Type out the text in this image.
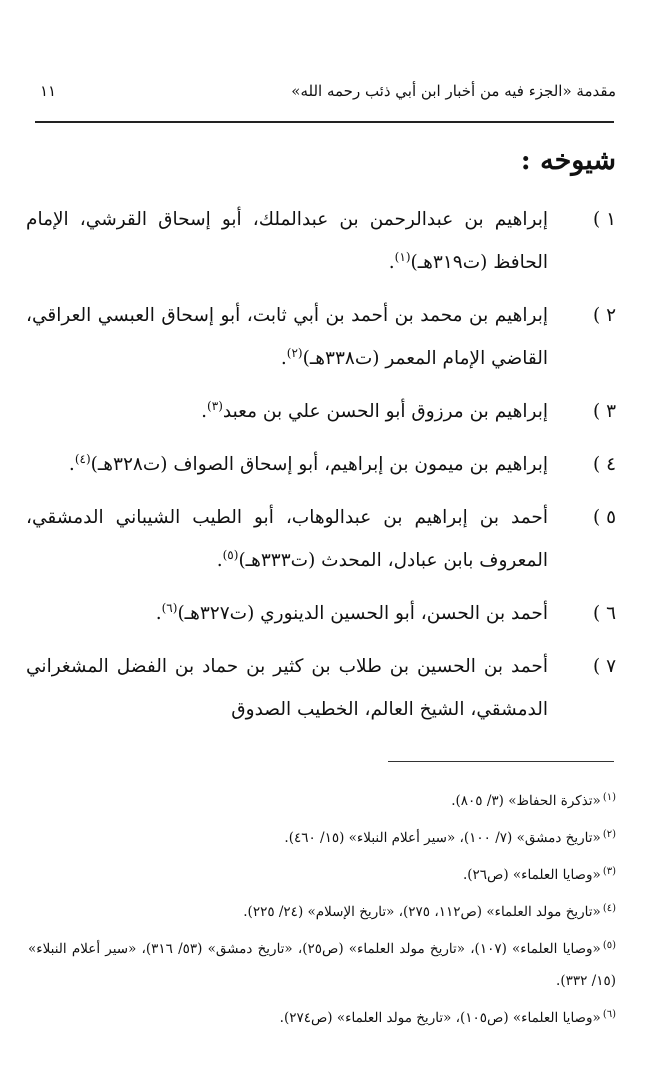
مقدمة «الجزء فيه من أخبار ابن أبي ذئب رحمه الله»
١١
شيوخه :
١ )
إبراهيم بن عبدالرحمن بن عبدالملك، أبو إسحاق القرشي، الإمام الحافظ (ت٣١٩هـ)$^{(١)}$.
٢ )
إبراهيم بن محمد بن أحمد بن أبي ثابت، أبو إسحاق العبسي العراقي، القاضي الإمام المعمر (ت٣٣٨هـ)$^{(٢)}$.
٣ )
إبراهيم بن مرزوق أبو الحسن علي بن معبد$^{(٣)}$.
٤ )
إبراهيم بن ميمون بن إبراهيم، أبو إسحاق الصواف (ت٣٢٨هـ)$^{(٤)}$.
٥ )
أحمد بن إبراهيم بن عبدالوهاب، أبو الطيب الشيباني الدمشقي، المعروف بابن عبادل، المحدث (ت٣٣٣هـ)$^{(٥)}$.
٦ )
أحمد بن الحسن، أبو الحسين الدينوري (ت٣٢٧هـ)$^{(٦)}$.
٧ )
أحمد بن الحسين بن طلاب بن كثير بن حماد بن الفضل المشغراني الدمشقي، الشيخ العالم، الخطيب الصدوق
$^{(١)}$«تذكرة الحفاظ» (٣/ ٨٠٥).
$^{(٢)}$«تاريخ دمشق» (٧/ ١٠٠)، «سير أعلام النبلاء» (١٥/ ٤٦٠).
$^{(٣)}$«وصايا العلماء» (ص٢٦).
$^{(٤)}$«تاريخ مولد العلماء» (ص١١٢، ٢٧٥)، «تاريخ الإسلام» (٢٤/ ٢٢٥).
$^{(٥)}$«وصايا العلماء» (١٠٧)، «تاريخ مولد العلماء» (ص٢٥)، «تاريخ دمشق» (٥٣/ ٣١٦)، «سير أعلام النبلاء» (١٥/ ٣٣٢).
$^{(٦)}$«وصايا العلماء» (ص١٠٥)، «تاريخ مولد العلماء» (ص٢٧٤).
